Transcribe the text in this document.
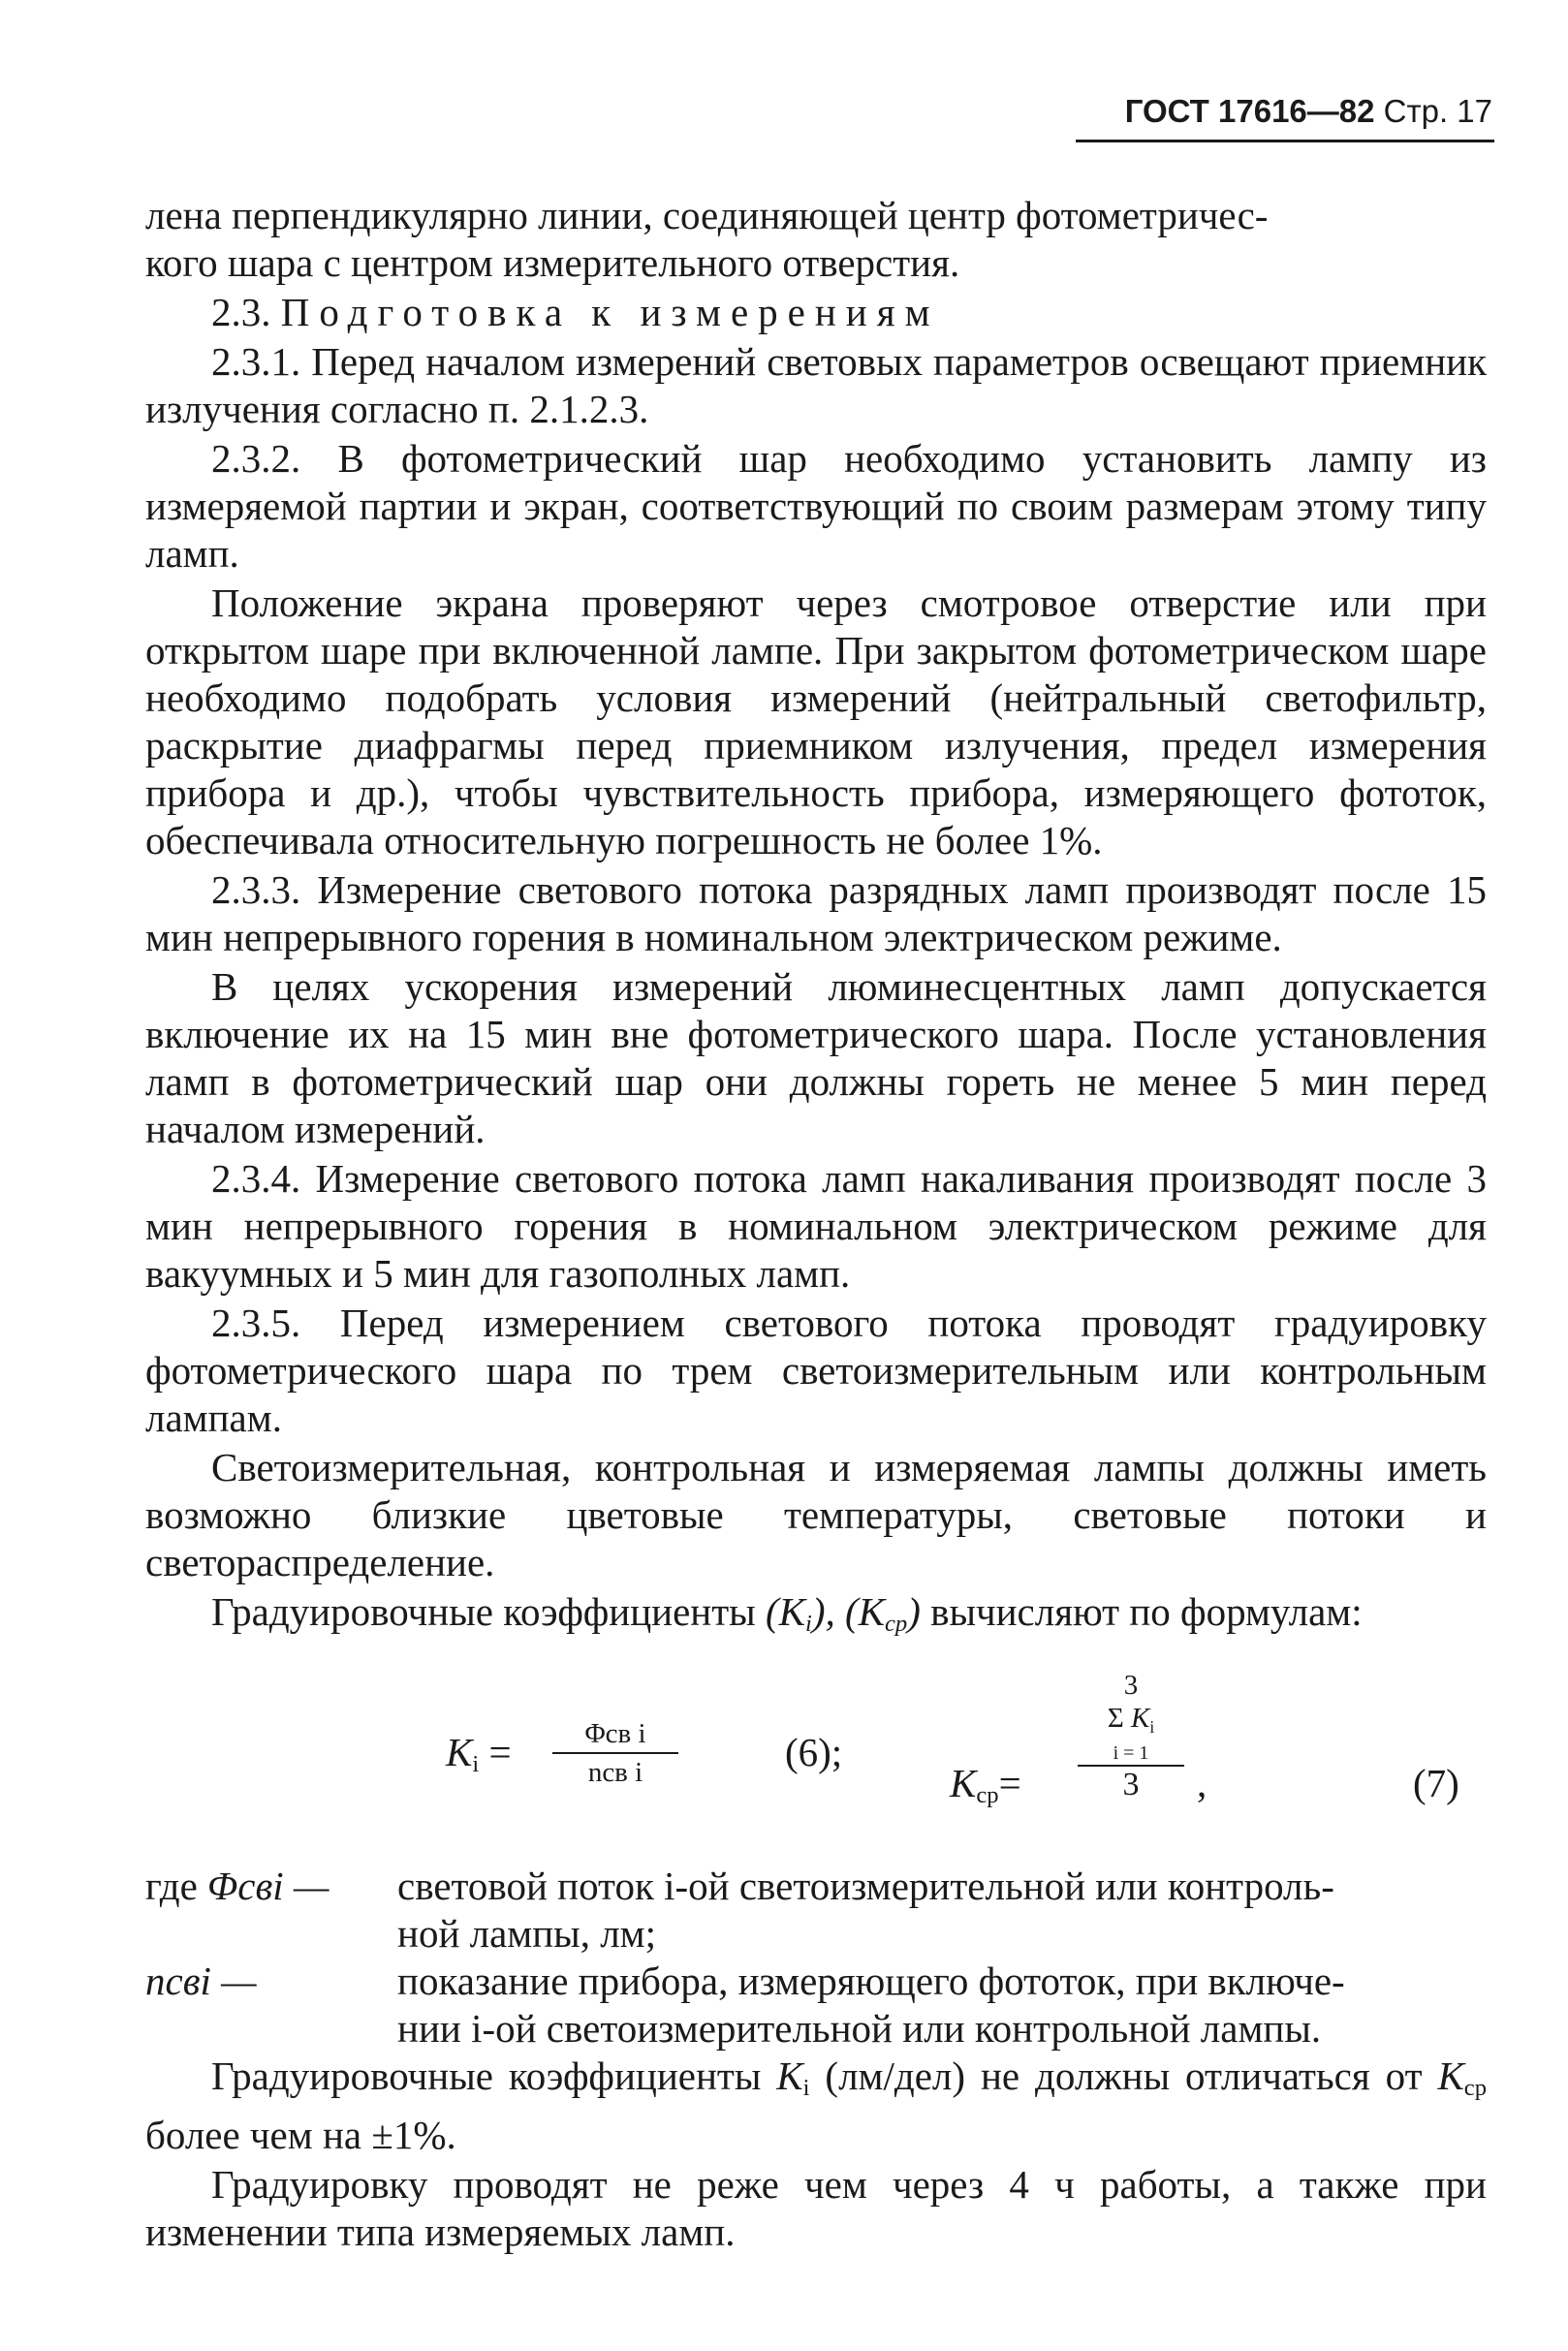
ГОСТ 17616—82 Стр. 17

лена перпендикулярно линии, соединяющей центр фотометричес-
кого шара с центром измерительного отверстия.

2.3. Подготовка к измерениям

2.3.1. Перед началом измерений световых параметров освещают приемник излучения согласно п. 2.1.2.3.

2.3.2. В фотометрический шар необходимо установить лампу из измеряемой партии и экран, соответствующий по своим размерам этому типу ламп.

Положение экрана проверяют через смотровое отверстие или при открытом шаре при включенной лампе. При закрытом фотометрическом шаре необходимо подобрать условия измерений (нейтральный светофильтр, раскрытие диафрагмы перед приемником излучения, предел измерения прибора и др.), чтобы чувствительность прибора, измеряющего фототок, обеспечивала относительную погрешность не более 1%.

2.3.3. Измерение светового потока разрядных ламп производят после 15 мин непрерывного горения в номинальном электрическом режиме.

В целях ускорения измерений люминесцентных ламп допускается включение их на 15 мин вне фотометрического шара. После установления ламп в фотометрический шар они должны гореть не менее 5 мин перед началом измерений.

2.3.4. Измерение светового потока ламп накаливания производят после 3 мин непрерывного горения в номинальном электрическом режиме для вакуумных и 5 мин для газополных ламп.

2.3.5. Перед измерением светового потока проводят градуировку фотометрического шара по трем светоизмерительным или контрольным лампам.

Светоизмерительная, контрольная и измеряемая лампы должны иметь возможно близкие цветовые температуры, световые потоки и светораспределение.

Градуировочные коэффициенты $(K_i)$, $(K_{ср})$ вычисляют по формулам:

$K_i$ =	Φсв i
nсв i	(6);
$K_{ср}=$
3
Σ $K_i$
i = 1
3	,	(7)
где Φсвi —	световой поток i-ой светоизмерительной или контроль-
ной лампы, лм;
nсвi —	показание прибора, измеряющего фототок, при включе-
нии i-ой светоизмерительной или контрольной лампы.

Градуировочные коэффициенты $K_i$ (лм/дел) не должны отличаться от $K_{ср}$ более чем на ±1%.

Градуировку проводят не реже чем через 4 ч работы, а также при изменении типа измеряемых ламп.
